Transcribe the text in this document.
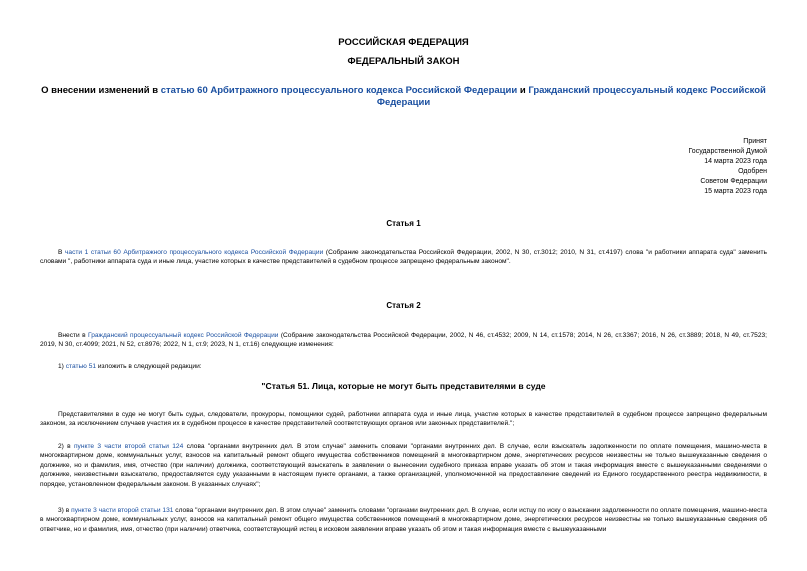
РОССИЙСКАЯ ФЕДЕРАЦИЯ
ФЕДЕРАЛЬНЫЙ ЗАКОН
О внесении изменений в статью 60 Арбитражного процессуального кодекса Российской Федерации и Гражданский процессуальный кодекс Российской Федерации
Принят
Государственной Думой
14 марта 2023 года
Одобрен
Советом Федерации
15 марта 2023 года
Статья 1
В части 1 статьи 60 Арбитражного процессуального кодекса Российской Федерации (Собрание законодательства Российской Федерации, 2002, N 30, ст.3012; 2010, N 31, ст.4197) слова "и работники аппарата суда" заменить словами ", работники аппарата суда и иные лица, участие которых в качестве представителей в судебном процессе запрещено федеральным законом".
Статья 2
Внести в Гражданский процессуальный кодекс Российской Федерации (Собрание законодательства Российской Федерации, 2002, N 46, ст.4532; 2009, N 14, ст.1578; 2014, N 26, ст.3367; 2016, N 26, ст.3889; 2018, N 49, ст.7523; 2019, N 30, ст.4099; 2021, N 52, ст.8976; 2022, N 1, ст.9; 2023, N 1, ст.16) следующие изменения:
1) статью 51 изложить в следующей редакции:
"Статья 51. Лица, которые не могут быть представителями в суде
Представителями в суде не могут быть судьи, следователи, прокуроры, помощники судей, работники аппарата суда и иные лица, участие которых в качестве представителей в судебном процессе запрещено федеральным законом, за исключением случаев участия их в судебном процессе в качестве представителей соответствующих органов или законных представителей.";
2) в пункте 3 части второй статьи 124 слова "органами внутренних дел. В этом случае" заменить словами "органами внутренних дел. В случае, если взыскатель задолженности по оплате помещения, машино-места в многоквартирном доме, коммунальных услуг, взносов на капитальный ремонт общего имущества собственников помещений в многоквартирном доме, энергетических ресурсов неизвестны не только вышеуказанные сведения о должнике, но и фамилия, имя, отчество (при наличии) должника, соответствующий взыскатель в заявлении о вынесении судебного приказа вправе указать об этом и такая информация вместе с вышеуказанными сведениями о должнике, неизвестными взыскателю, предоставляется суду указанными в настоящем пункте органами, а также организацией, уполномоченной на предоставление сведений из Единого государственного реестра недвижимости, в порядке, установленном федеральным законом. В указанных случаях";
3) в пункте 3 части второй статьи 131 слова "органами внутренних дел. В этом случае" заменить словами "органами внутренних дел. В случае, если истцу по иску о взыскании задолженности по оплате помещения, машино-места в многоквартирном доме, коммунальных услуг, взносов на капитальный ремонт общего имущества собственников помещений в многоквартирном доме, энергетических ресурсов неизвестны не только вышеуказанные сведения об ответчике, но и фамилия, имя, отчество (при наличии) ответчика, соответствующий истец в исковом заявлении вправе указать об этом и такая информация вместе с вышеуказанными
